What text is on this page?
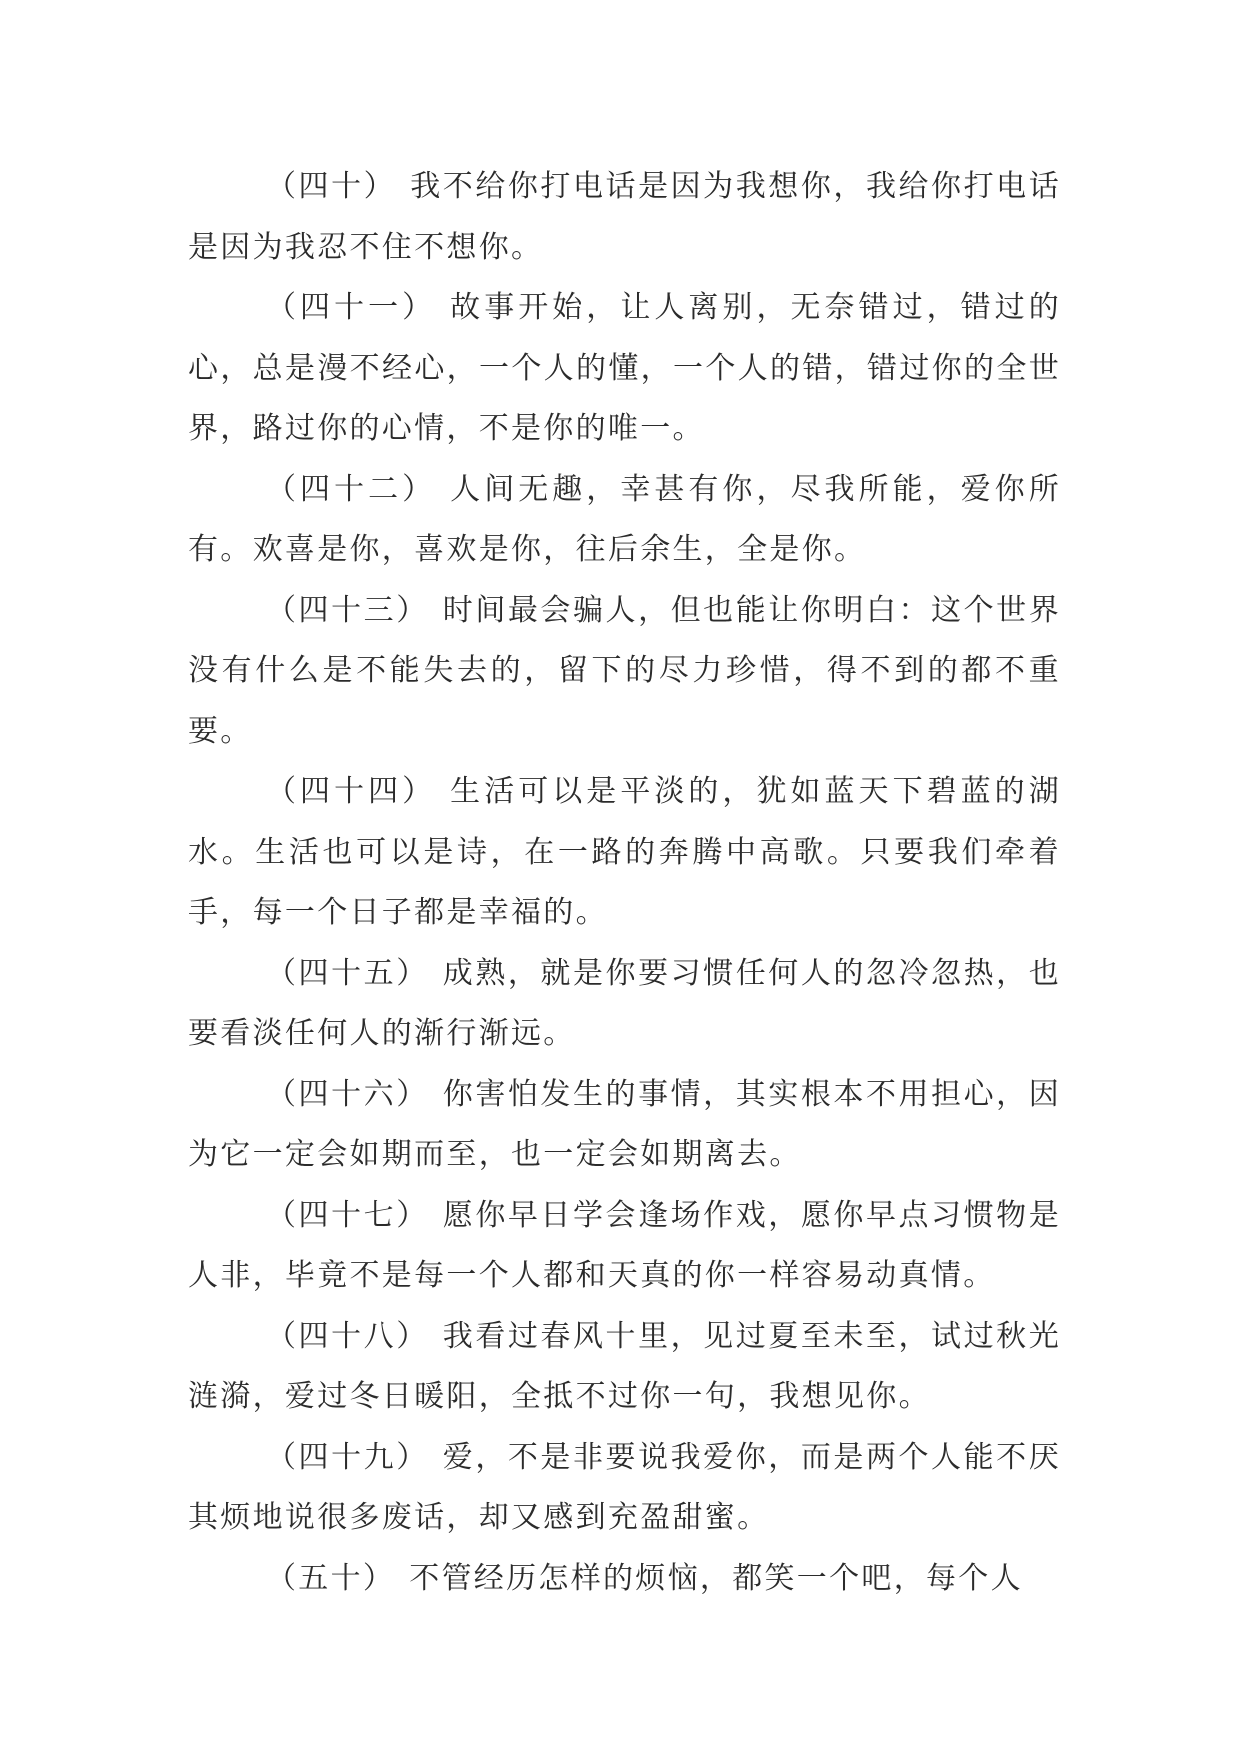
（四十） 我不给你打电话是因为我想你，我给你打电话是因为我忍不住不想你。

（四十一） 故事开始，让人离别，无奈错过，错过的心，总是漫不经心，一个人的懂，一个人的错，错过你的全世界，路过你的心情，不是你的唯一。

（四十二） 人间无趣，幸甚有你，尽我所能，爱你所有。欢喜是你，喜欢是你，往后余生，全是你。

（四十三） 时间最会骗人，但也能让你明白：这个世界没有什么是不能失去的，留下的尽力珍惜，得不到的都不重要。

（四十四） 生活可以是平淡的，犹如蓝天下碧蓝的湖水。生活也可以是诗，在一路的奔腾中高歌。只要我们牵着手，每一个日子都是幸福的。

（四十五） 成熟，就是你要习惯任何人的忽冷忽热，也要看淡任何人的渐行渐远。

（四十六） 你害怕发生的事情，其实根本不用担心，因为它一定会如期而至，也一定会如期离去。

（四十七） 愿你早日学会逢场作戏，愿你早点习惯物是人非，毕竟不是每一个人都和天真的你一样容易动真情。

（四十八） 我看过春风十里，见过夏至未至，试过秋光涟漪，爱过冬日暖阳，全抵不过你一句，我想见你。

（四十九） 爱，不是非要说我爱你，而是两个人能不厌其烦地说很多废话，却又感到充盈甜蜜。

（五十） 不管经历怎样的烦恼，都笑一个吧，每个人
